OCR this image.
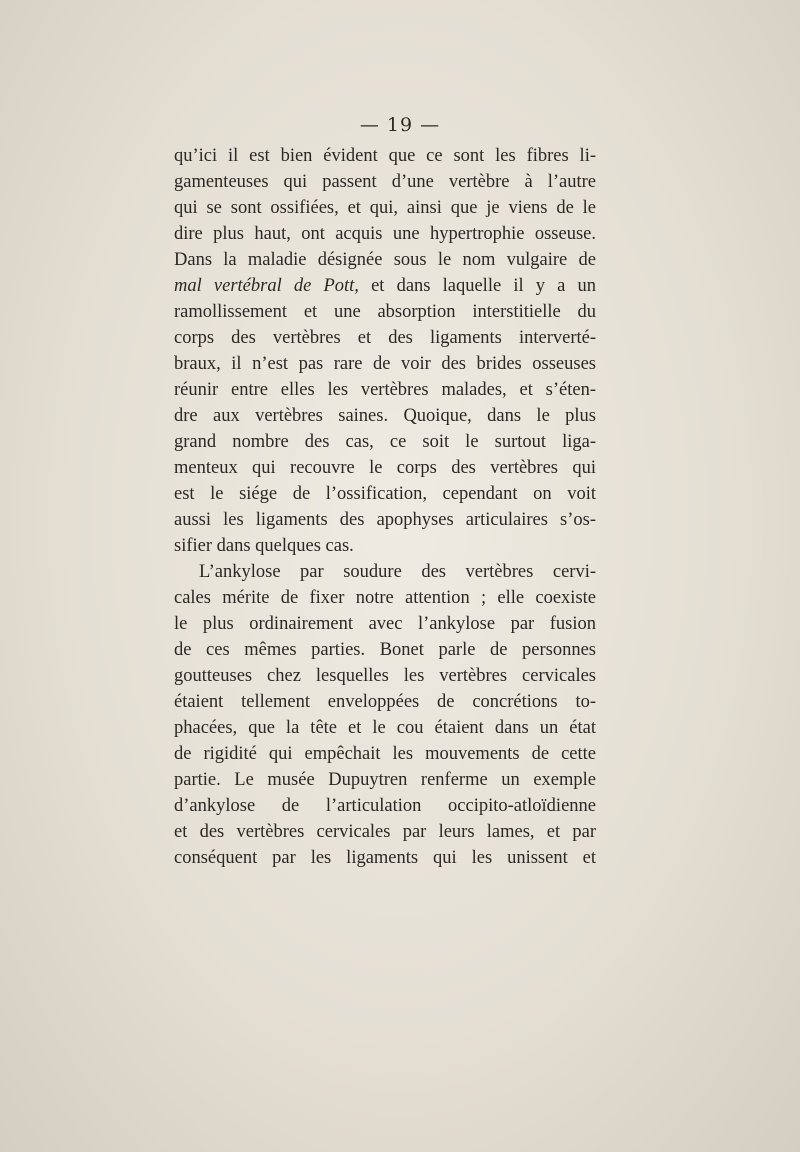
— 19 —
qu’ici il est bien évident que ce sont les fibres li-
gamenteuses qui passent d’une vertèbre à l’autre
qui se sont ossifiées, et qui, ainsi que je viens de le
dire plus haut, ont acquis une hypertrophie osseuse.
Dans la maladie désignée sous le nom vulgaire de
mal vertébral de Pott, et dans laquelle il y a un
ramollissement et une absorption interstitielle du
corps des vertèbres et des ligaments interverté-
braux, il n’est pas rare de voir des brides osseuses
réunir entre elles les vertèbres malades, et s’éten-
dre aux vertèbres saines. Quoique, dans le plus
grand nombre des cas, ce soit le surtout liga-
menteux qui recouvre le corps des vertèbres qui
est le siége de l’ossification, cependant on voit
aussi les ligaments des apophyses articulaires s’os-
sifier dans quelques cas.
L’ankylose par soudure des vertèbres cervi-
cales mérite de fixer notre attention ; elle coexiste
le plus ordinairement avec l’ankylose par fusion
de ces mêmes parties. Bonet parle de personnes
goutteuses chez lesquelles les vertèbres cervicales
étaient tellement enveloppées de concrétions to-
phacées, que la tête et le cou étaient dans un état
de rigidité qui empêchait les mouvements de cette
partie. Le musée Dupuytren renferme un exemple
d’ankylose de l’articulation occipito-atloïdienne
et des vertèbres cervicales par leurs lames, et par
conséquent par les ligaments qui les unissent et
